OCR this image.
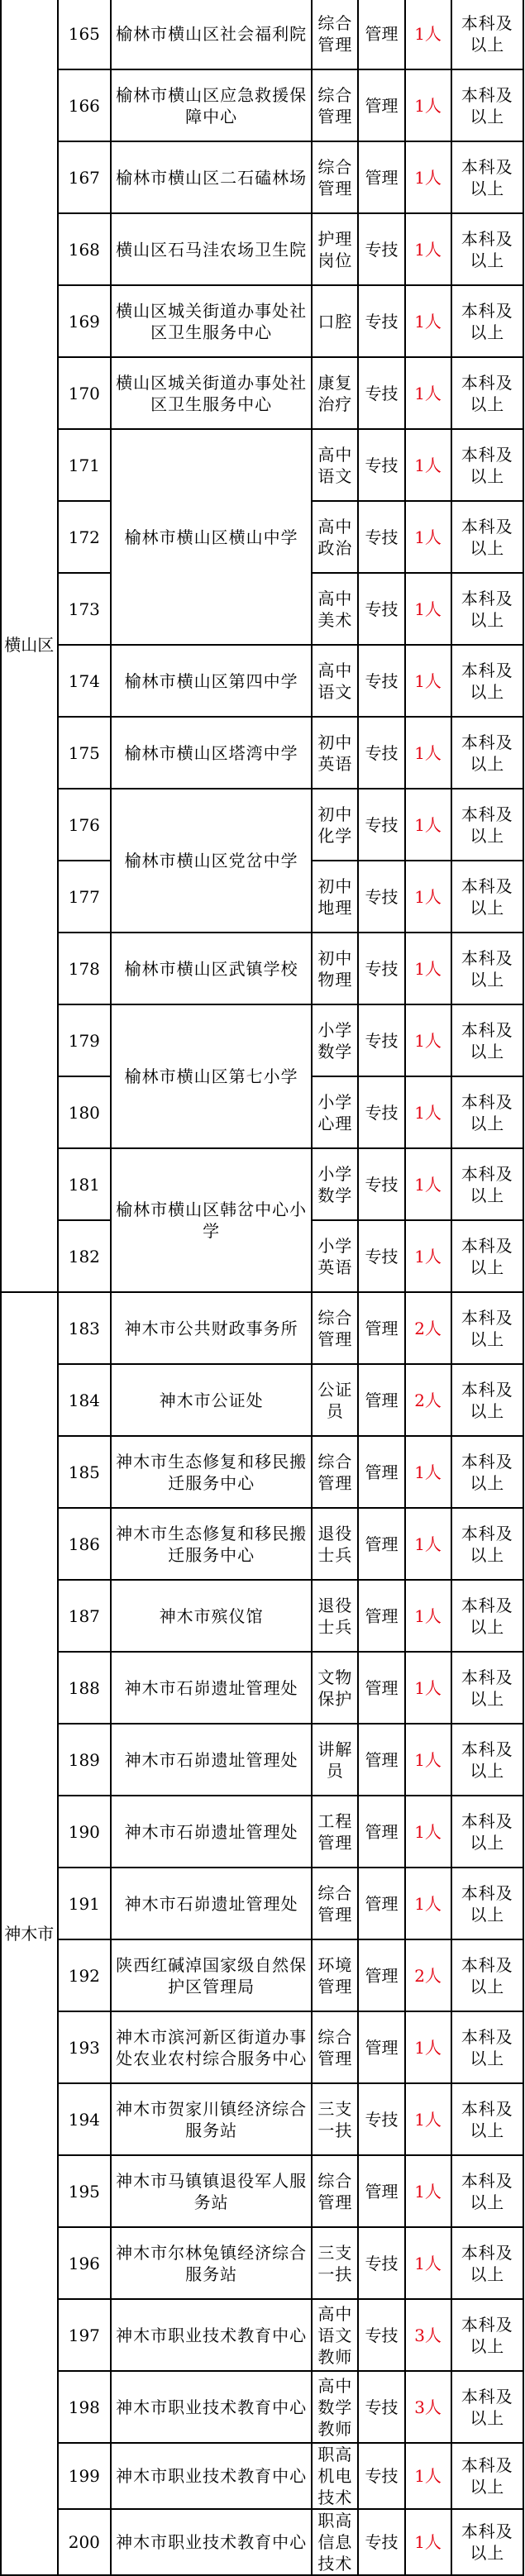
横山区	165	榆林市横山区社会福利院	综合管理	管理	1人	本科及以上
	166	榆林市横山区应急救援保障中心	综合管理	管理	1人	本科及以上
	167	榆林市横山区二石磕林场	综合管理	管理	1人	本科及以上
	168	横山区石马洼农场卫生院	护理岗位	专技	1人	本科及以上
	169	横山区城关街道办事处社区卫生服务中心	口腔	专技	1人	本科及以上
	170	横山区城关街道办事处社区卫生服务中心	康复治疗	专技	1人	本科及以上
	171	榆林市横山区横山中学	高中语文	专技	1人	本科及以上
	172		高中政治	专技	1人	本科及以上
	173		高中美术	专技	1人	本科及以上
	174	榆林市横山区第四中学	高中语文	专技	1人	本科及以上
	175	榆林市横山区塔湾中学	初中英语	专技	1人	本科及以上
	176	榆林市横山区党岔中学	初中化学	专技	1人	本科及以上
	177		初中地理	专技	1人	本科及以上
	178	榆林市横山区武镇学校	初中物理	专技	1人	本科及以上
	179	榆林市横山区第七小学	小学数学	专技	1人	本科及以上
	180		小学心理	专技	1人	本科及以上
	181	榆林市横山区韩岔中心小学	小学数学	专技	1人	本科及以上
	182		小学英语	专技	1人	本科及以上
神木市	183	神木市公共财政事务所	综合管理	管理	2人	本科及以上
	184	神木市公证处	公证员	管理	2人	本科及以上
	185	神木市生态修复和移民搬迁服务中心	综合管理	管理	1人	本科及以上
	186	神木市生态修复和移民搬迁服务中心	退役士兵	管理	1人	本科及以上
	187	神木市殡仪馆	退役士兵	管理	1人	本科及以上
	188	神木市石峁遗址管理处	文物保护	管理	1人	本科及以上
	189	神木市石峁遗址管理处	讲解员	管理	1人	本科及以上
	190	神木市石峁遗址管理处	工程管理	管理	1人	本科及以上
	191	神木市石峁遗址管理处	综合管理	管理	1人	本科及以上
	192	陕西红碱淖国家级自然保护区管理局	环境管理	管理	2人	本科及以上
	193	神木市滨河新区街道办事处农业农村综合服务中心	综合管理	管理	1人	本科及以上
	194	神木市贺家川镇经济综合服务站	三支一扶	专技	1人	本科及以上
	195	神木市马镇镇退役军人服务站	综合管理	管理	1人	本科及以上
	196	神木市尔林兔镇经济综合服务站	三支一扶	专技	1人	本科及以上
	197	神木市职业技术教育中心	高中语文教师	专技	3人	本科及以上
	198	神木市职业技术教育中心	高中数学教师	专技	3人	本科及以上
	199	神木市职业技术教育中心	职高机电技术	专技	1人	本科及以上
	200	神木市职业技术教育中心	职高信息技术	专技	1人	本科及以上
